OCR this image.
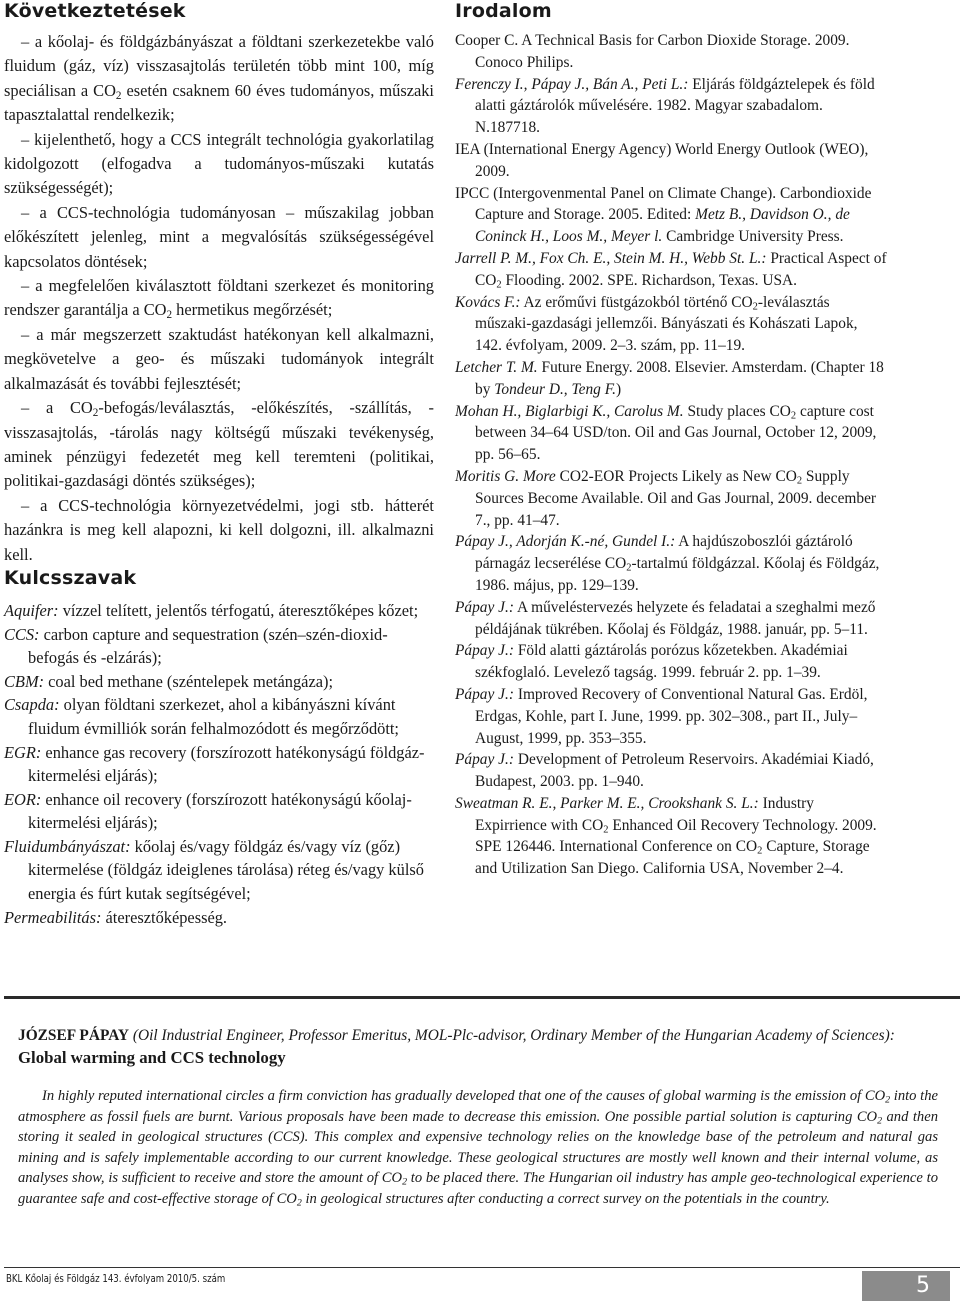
Következtetések

– a kőolaj- és földgázbányászat a földtani szerkezetekbe való fluidum (gáz, víz) visszasajtolás területén több mint 100, míg speciálisan a $CO_2$ esetén csaknem 60 éves tudományos, műszaki tapasztalattal rendelkezik;

– kijelenthető, hogy a CCS integrált technológia gyakorlatilag kidolgozott (elfogadva a tudományos-műszaki kutatás szükségességét);

– a CCS-technológia tudományosan – műszakilag jobban előkészített jelenleg, mint a megvalósítás szükségességével kapcsolatos döntések;

– a megfelelően kiválasztott földtani szerkezet és monitoring rendszer garantálja a $CO_2$ hermetikus megőrzését;

– a már megszerzett szaktudást hatékonyan kell alkalmazni, megkövetelve a geo- és műszaki tudományok integrált alkalmazását és további fejlesztését;

– a $CO_2-befogás$/leválasztás, -előkészítés, -szállítás, -visszasajtolás, -tárolás nagy költségű műszaki tevékenység, aminek pénzügyi fedezetét meg kell teremteni (politikai, politikai-gazdasági döntés szükséges);

– a CCS-technológia környezetvédelmi, jogi stb. hátterét hazánkra is meg kell alapozni, ki kell dolgozni, ill. alkalmazni kell.

Kulcsszavak

Aquifer: vízzel telített, jelentős térfogatú, áteresztőképes kőzet;

CCS: carbon capture and sequestration (szén–szén-dioxid-befogás és -elzárás);

CBM: coal bed methane (széntelepek metángáza);

Csapda: olyan földtani szerkezet, ahol a kibányászni kívánt fluidum évmilliók során felhalmozódott és megőrződött;

EGR: enhance gas recovery (forszírozott hatékonyságú földgáz-kitermelési eljárás);

EOR: enhance oil recovery (forszírozott hatékonyságú kőolaj-kitermelési eljárás);

Fluidumbányászat: kőolaj és/vagy földgáz és/vagy víz (gőz) kitermelése (földgáz ideiglenes tárolása) réteg és/vagy külső energia és fúrt kutak segítségével;

Permeabilitás: áteresztőképesség.

Irodalom

Cooper C. A Technical Basis for Carbon Dioxide Storage. 2009. Conoco Philips.

Ferenczy I., Pápay J., Bán A., Peti L.: Eljárás földgáztelepek és föld alatti gáztárolók művelésére. 1982. Magyar szabadalom. N.187718.

IEA (International Energy Agency) World Energy Outlook (WEO), 2009.

IPCC (Intergovenmental Panel on Climate Change). Carbondioxide Capture and Storage. 2005. Edited: Metz B., Davidson O., de Coninck H., Loos M., Meyer l. Cambridge University Press.

Jarrell P. M., Fox Ch. E., Stein M. H., Webb St. L.: Practical Aspect of $CO_2$ Flooding. 2002. SPE. Richardson, Texas. USA.

Kovács F.: Az erőművi füstgázokból történő $CO_2$-leválasztás műszaki-gazdasági jellemzői. Bányászati és Kohászati Lapok, 142. évfolyam, 2009. 2–3. szám, pp. 11–19.

Letcher T. M. Future Energy. 2008. Elsevier. Amsterdam. (Chapter 18 by Tondeur D., Teng F.)

Mohan H., Biglarbigi K., Carolus M. Study places $CO_2$ capture cost between 34–64 USD/ton. Oil and Gas Journal, October 12, 2009, pp. 56–65.

Moritis G. More CO2-EOR Projects Likely as New $CO_2$ Supply Sources Become Available. Oil and Gas Journal, 2009. december 7., pp. 41–47.

Pápay J., Adorján K.-né, Gundel I.: A hajdúszoboszlói gáztároló párnagáz lecserélése $CO_2$-tartalmú földgázzal. Kőolaj és Földgáz, 1986. május, pp. 129–139.

Pápay J.: A műveléstervezés helyzete és feladatai a szeghalmi mező példájának tükrében. Kőolaj és Földgáz, 1988. január, pp. 5–11.

Pápay J.: Föld alatti gáztárolás porózus kőzetekben. Akadémiai székfoglaló. Levelező tagság. 1999. február 2. pp. 1–39.

Pápay J.: Improved Recovery of Conventional Natural Gas. Erdöl, Erdgas, Kohle, part I. June, 1999. pp. 302–308., part II., July–August, 1999, pp. 353–355.

Pápay J.: Development of Petroleum Reservoirs. Akadémiai Kiadó, Budapest, 2003. pp. 1–940.

Sweatman R. E., Parker M. E., Crookshank S. L.: Industry Expirrience with $CO_2$ Enhanced Oil Recovery Technology. 2009. SPE 126446. International Conference on $CO_2$ Capture, Storage and Utilization San Diego. California USA, November 2–4.

JÓZSEF PÁPAY (Oil Industrial Engineer, Professor Emeritus, MOL-Plc-advisor, Ordinary Member of the Hungarian Academy of Sciences): Global warming and CCS technology

In highly reputed international circles a firm conviction has gradually developed that one of the causes of global warming is the emission of $CO_2$ into the atmosphere as fossil fuels are burnt. Various proposals have been made to decrease this emission. One possible partial solution is capturing $CO_2$ and then storing it sealed in geological structures (CCS). This complex and expensive technology relies on the knowledge base of the petroleum and natural gas mining and is safely implementable according to our current knowledge. These geological structures are mostly well known and their internal volume, as analyses show, is sufficient to receive and store the amount of $CO_2$ to be placed there. The Hungarian oil industry has ample geo-technological experience to guarantee safe and cost-effective storage of $CO_2$ in geological structures after conducting a correct survey on the potentials in the country.

BKL Kőolaj és Földgáz 143. évfolyam 2010/5. szám	5
